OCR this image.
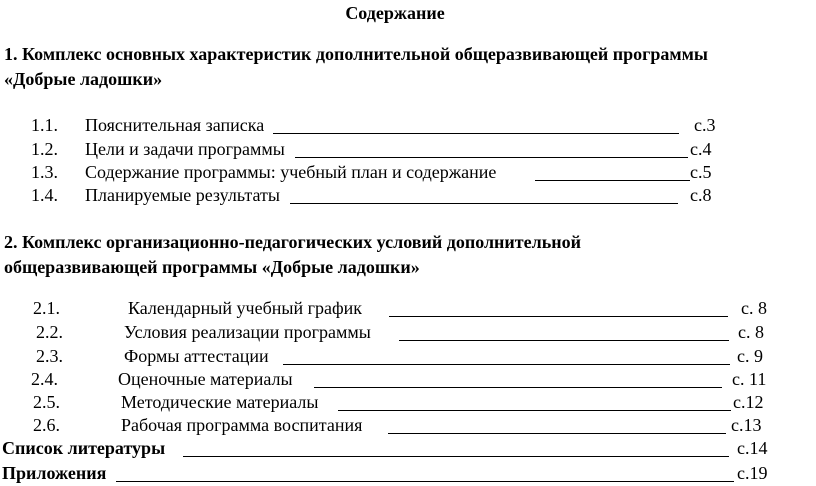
Содержание
1. Комплекс основных характеристик дополнительной общеразвивающей программы
«Добрые ладошки»
1.1. Пояснительная записка	с.3
1.2. Цели и задачи программы	с.4
1.3. Содержание программы: учебный план и содержание	с.5
1.4. Планируемые результаты	с.8
2. Комплекс организационно-педагогических условий дополнительной
общеразвивающей программы «Добрые ладошки»
2.1.	Календарный учебный график	с. 8
2.2.	Условия реализации программы	с. 8
2.3.	Формы аттестации	с. 9
2.4.	Оценочные материалы	с. 11
2.5.	Методические материалы	с.12
2.6.	Рабочая программа воспитания	с.13
Список литературы	с.14
Приложения	с.19
